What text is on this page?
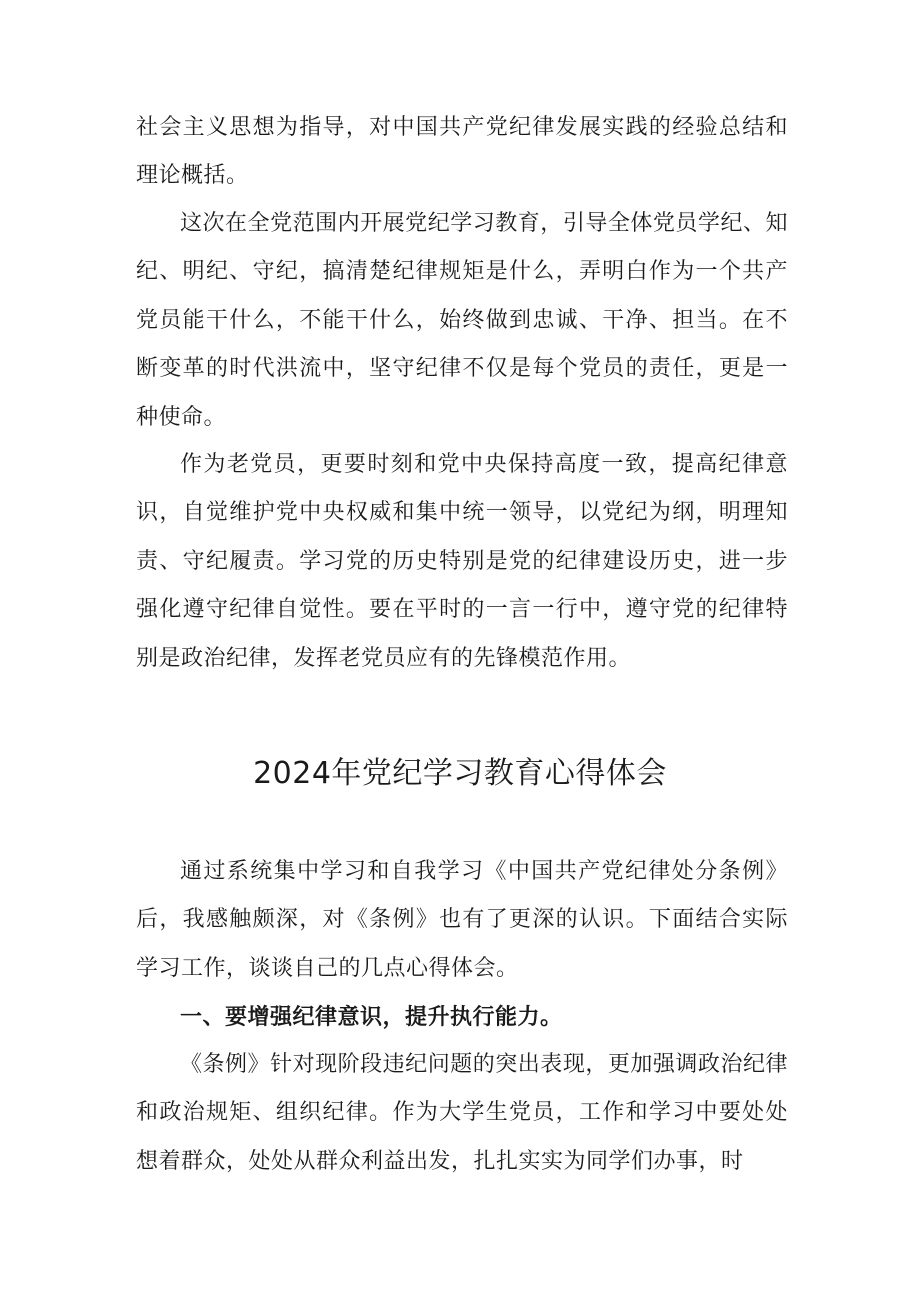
社会主义思想为指导，对中国共产党纪律发展实践的经验总结和理论概括。

这次在全党范围内开展党纪学习教育，引导全体党员学纪、知纪、明纪、守纪，搞清楚纪律规矩是什么，弄明白作为一个共产党员能干什么，不能干什么，始终做到忠诚、干净、担当。在不断变革的时代洪流中，坚守纪律不仅是每个党员的责任，更是一种使命。

作为老党员，更要时刻和党中央保持高度一致，提高纪律意识，自觉维护党中央权威和集中统一领导，以党纪为纲，明理知责、守纪履责。学习党的历史特别是党的纪律建设历史，进一步强化遵守纪律自觉性。要在平时的一言一行中，遵守党的纪律特别是政治纪律，发挥老党员应有的先锋模范作用。

2024年党纪学习教育心得体会

通过系统集中学习和自我学习《中国共产党纪律处分条例》后，我感触颇深，对《条例》也有了更深的认识。下面结合实际学习工作，谈谈自己的几点心得体会。

一、要增强纪律意识，提升执行能力。

《条例》针对现阶段违纪问题的突出表现，更加强调政治纪律和政治规矩、组织纪律。作为大学生党员，工作和学习中要处处想着群众，处处从群众利益出发，扎扎实实为同学们办事，时
